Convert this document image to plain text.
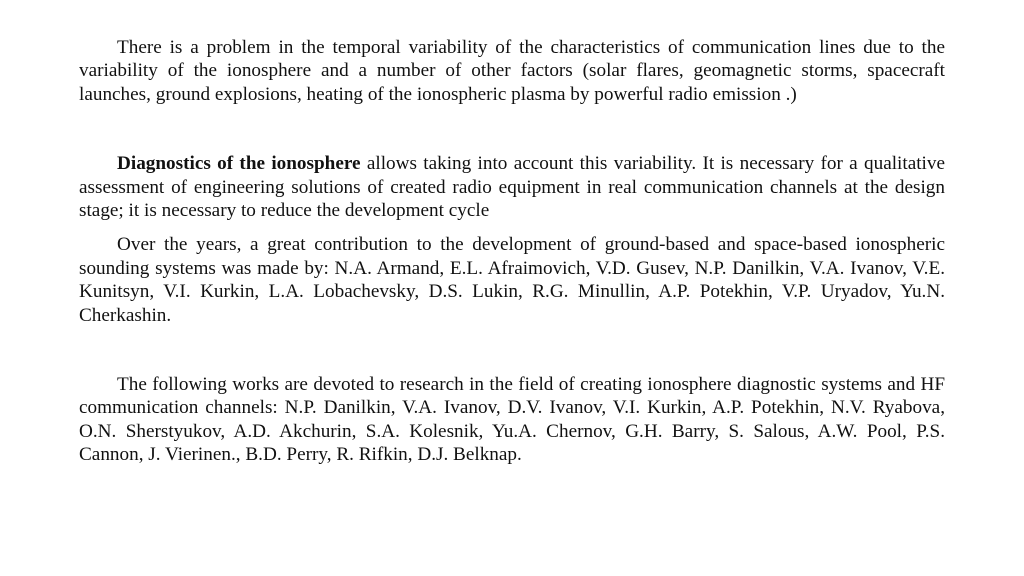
There is a problem in the temporal variability of the characteristics of communication lines due to the variability of the ionosphere and a number of other factors (solar flares, geomagnetic storms, spacecraft launches, ground explosions, heating of the ionospheric plasma by powerful radio emission .)

Diagnostics of the ionosphere allows taking into account this variability. It is necessary for a qualitative assessment of engineering solutions of created radio equipment in real communication channels at the design stage; it is necessary to reduce the development cycle

Over the years, a great contribution to the development of ground-based and space-based ionospheric sounding systems was made by: N.A. Armand, E.L. Afraimovich, V.D. Gusev, N.P. Danilkin, V.A. Ivanov, V.E. Kunitsyn, V.I. Kurkin, L.A. Lobachevsky, D.S. Lukin, R.G. Minullin, A.P. Potekhin, V.P. Uryadov, Yu.N. Cherkashin.

The following works are devoted to research in the field of creating ionosphere diagnostic systems and HF communication channels: N.P. Danilkin, V.A. Ivanov, D.V. Ivanov, V.I. Kurkin, A.P. Potekhin, N.V. Ryabova, O.N. Sherstyukov, A.D. Akchurin, S.A. Kolesnik, Yu.A. Chernov, G.H. Barry, S. Salous, A.W. Pool, P.S. Cannon, J. Vierinen., B.D. Perry, R. Rifkin, D.J. Belknap.
